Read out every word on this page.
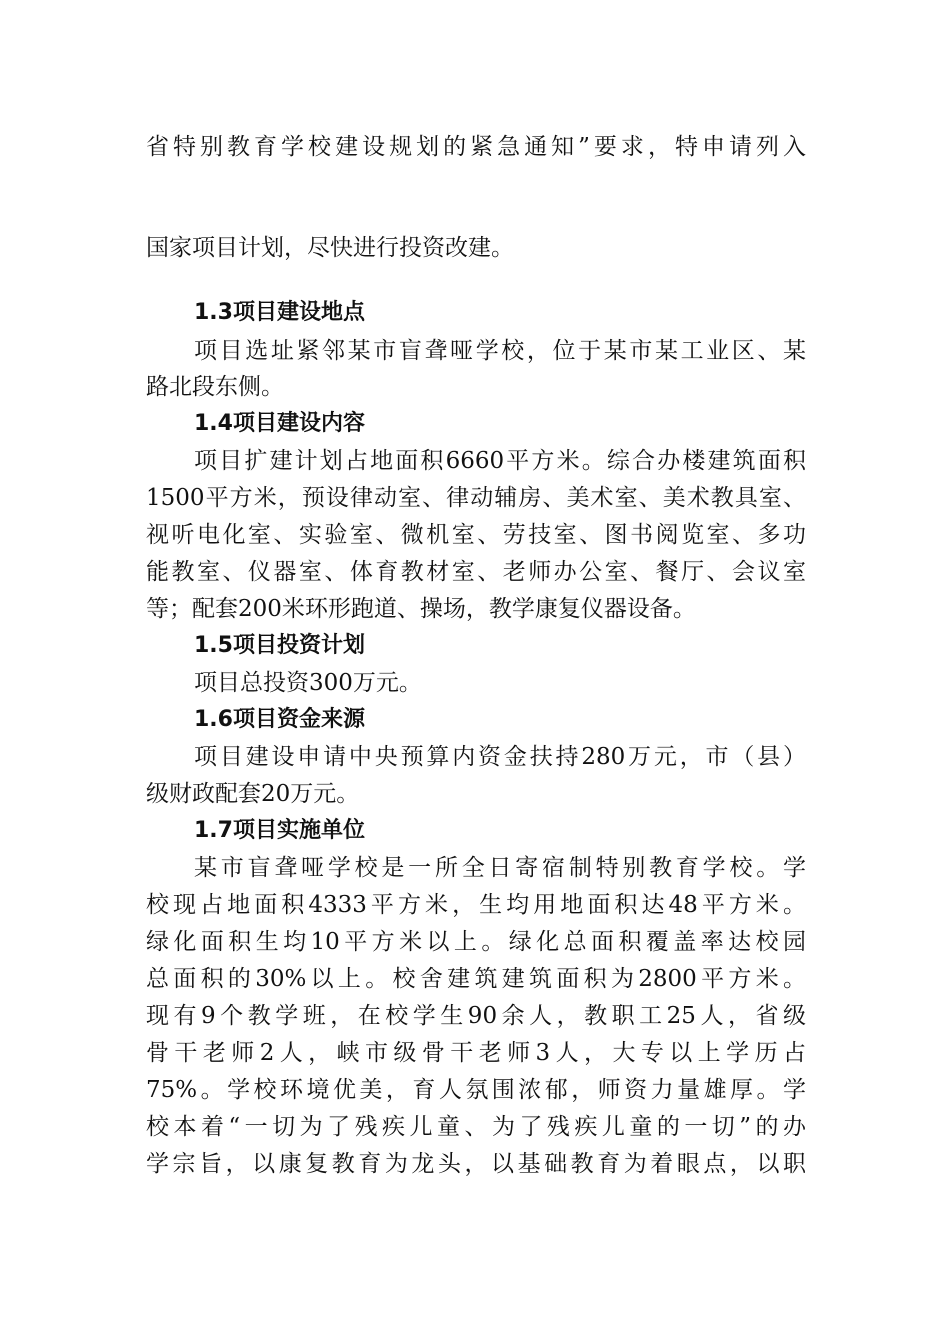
省特别教育学校建设规划的紧急通知”要求，特申请列入
国家项目计划，尽快进行投资改建。
1.3项目建设地点
项目选址紧邻某市盲聋哑学校，位于某市某工业区、某
路北段东侧。
1.4项目建设内容
项目扩建计划占地面积6660平方米。综合办楼建筑面积
1500平方米，预设律动室、律动辅房、美术室、美术教具室、
视听电化室、实验室、微机室、劳技室、图书阅览室、多功
能教室、仪器室、体育教材室、老师办公室、餐厅、会议室
等；配套200米环形跑道、操场，教学康复仪器设备。
1.5项目投资计划
项目总投资300万元。
1.6项目资金来源
项目建设申请中央预算内资金扶持280万元，市（县）
级财政配套20万元。
1.7项目实施单位
某市盲聋哑学校是一所全日寄宿制特别教育学校。学
校现占地面积4333平方米，生均用地面积达48平方米。
绿化面积生均10平方米以上。绿化总面积覆盖率达校园
总面积的30%以上。校舍建筑建筑面积为2800平方米。
现有9个教学班，在校学生90余人，教职工25人，省级
骨干老师2人，峡市级骨干老师3人，大专以上学历占
75%。学校环境优美，育人氛围浓郁，师资力量雄厚。学
校本着“一切为了残疾儿童、为了残疾儿童的一切”的办
学宗旨，以康复教育为龙头，以基础教育为着眼点，以职
